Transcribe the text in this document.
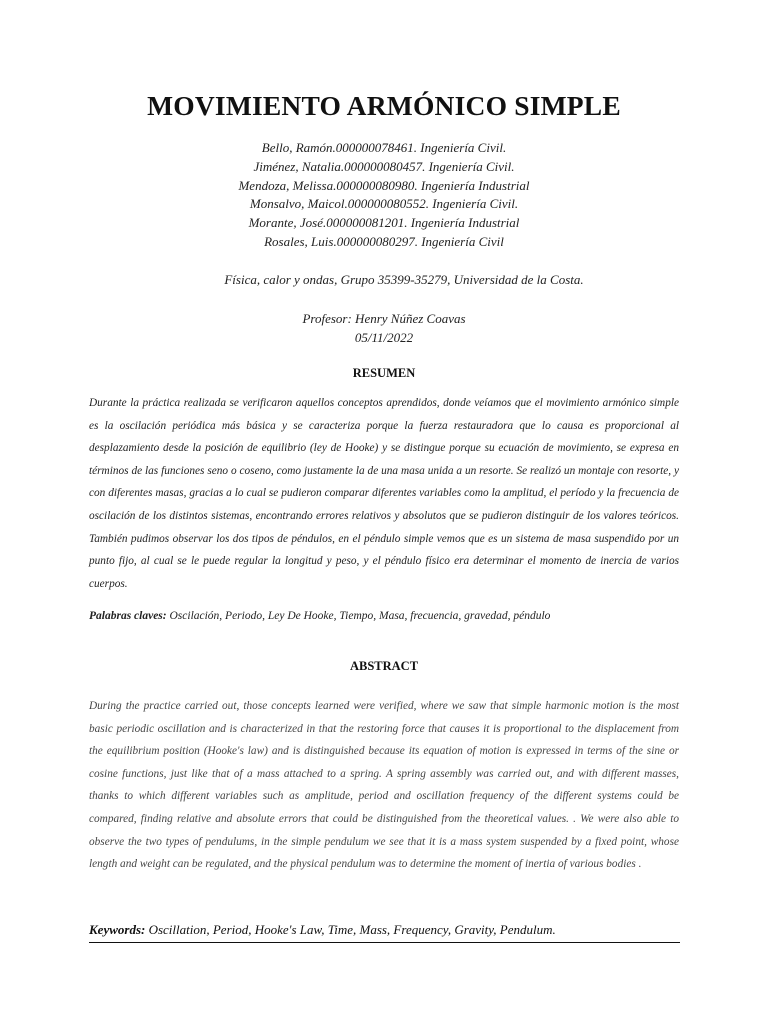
MOVIMIENTO ARMÓNICO SIMPLE
Bello, Ramón.000000078461. Ingeniería Civil.
Jiménez, Natalia.000000080457. Ingeniería Civil.
Mendoza, Melissa.000000080980. Ingeniería Industrial
Monsalvo, Maicol.000000080552. Ingeniería Civil.
Morante, José.000000081201. Ingeniería Industrial
Rosales, Luis.000000080297. Ingeniería Civil
Física, calor y ondas, Grupo 35399-35279, Universidad de la Costa.
Profesor: Henry Núñez Coavas
05/11/2022
RESUMEN

Durante la práctica realizada se verificaron aquellos conceptos aprendidos, donde veíamos que el movimiento armónico simple es la oscilación periódica más básica y se caracteriza porque la fuerza restauradora que lo causa es proporcional al desplazamiento desde la posición de equilibrio (ley de Hooke) y se distingue porque su ecuación de movimiento, se expresa en términos de las funciones seno o coseno, como justamente la de una masa unida a un resorte. Se realizó un montaje con resorte, y con diferentes masas, gracias a lo cual se pudieron comparar diferentes variables como la amplitud, el período y la frecuencia de oscilación de los distintos sistemas, encontrando errores relativos y absolutos que se pudieron distinguir de los valores teóricos. También pudimos observar los dos tipos de péndulos, en el péndulo simple vemos que es un sistema de masa suspendido por un punto fijo, al cual se le puede regular la longitud y peso, y el péndulo físico era determinar el momento de inercia de varios cuerpos.

Palabras claves: Oscilación, Periodo, Ley De Hooke, Tiempo, Masa, frecuencia, gravedad, péndulo

ABSTRACT

During the practice carried out, those concepts learned were verified, where we saw that simple harmonic motion is the most basic periodic oscillation and is characterized in that the restoring force that causes it is proportional to the displacement from the equilibrium position (Hooke's law) and is distinguished because its equation of motion is expressed in terms of the sine or cosine functions, just like that of a mass attached to a spring. A spring assembly was carried out, and with different masses, thanks to which different variables such as amplitude, period and oscillation frequency of the different systems could be compared, finding relative and absolute errors that could be distinguished from the theoretical values. . We were also able to observe the two types of pendulums, in the simple pendulum we see that it is a mass system suspended by a fixed point, whose length and weight can be regulated, and the physical pendulum was to determine the moment of inertia of various bodies .

Keywords: Oscillation, Period, Hooke's Law, Time, Mass, Frequency, Gravity, Pendulum.
